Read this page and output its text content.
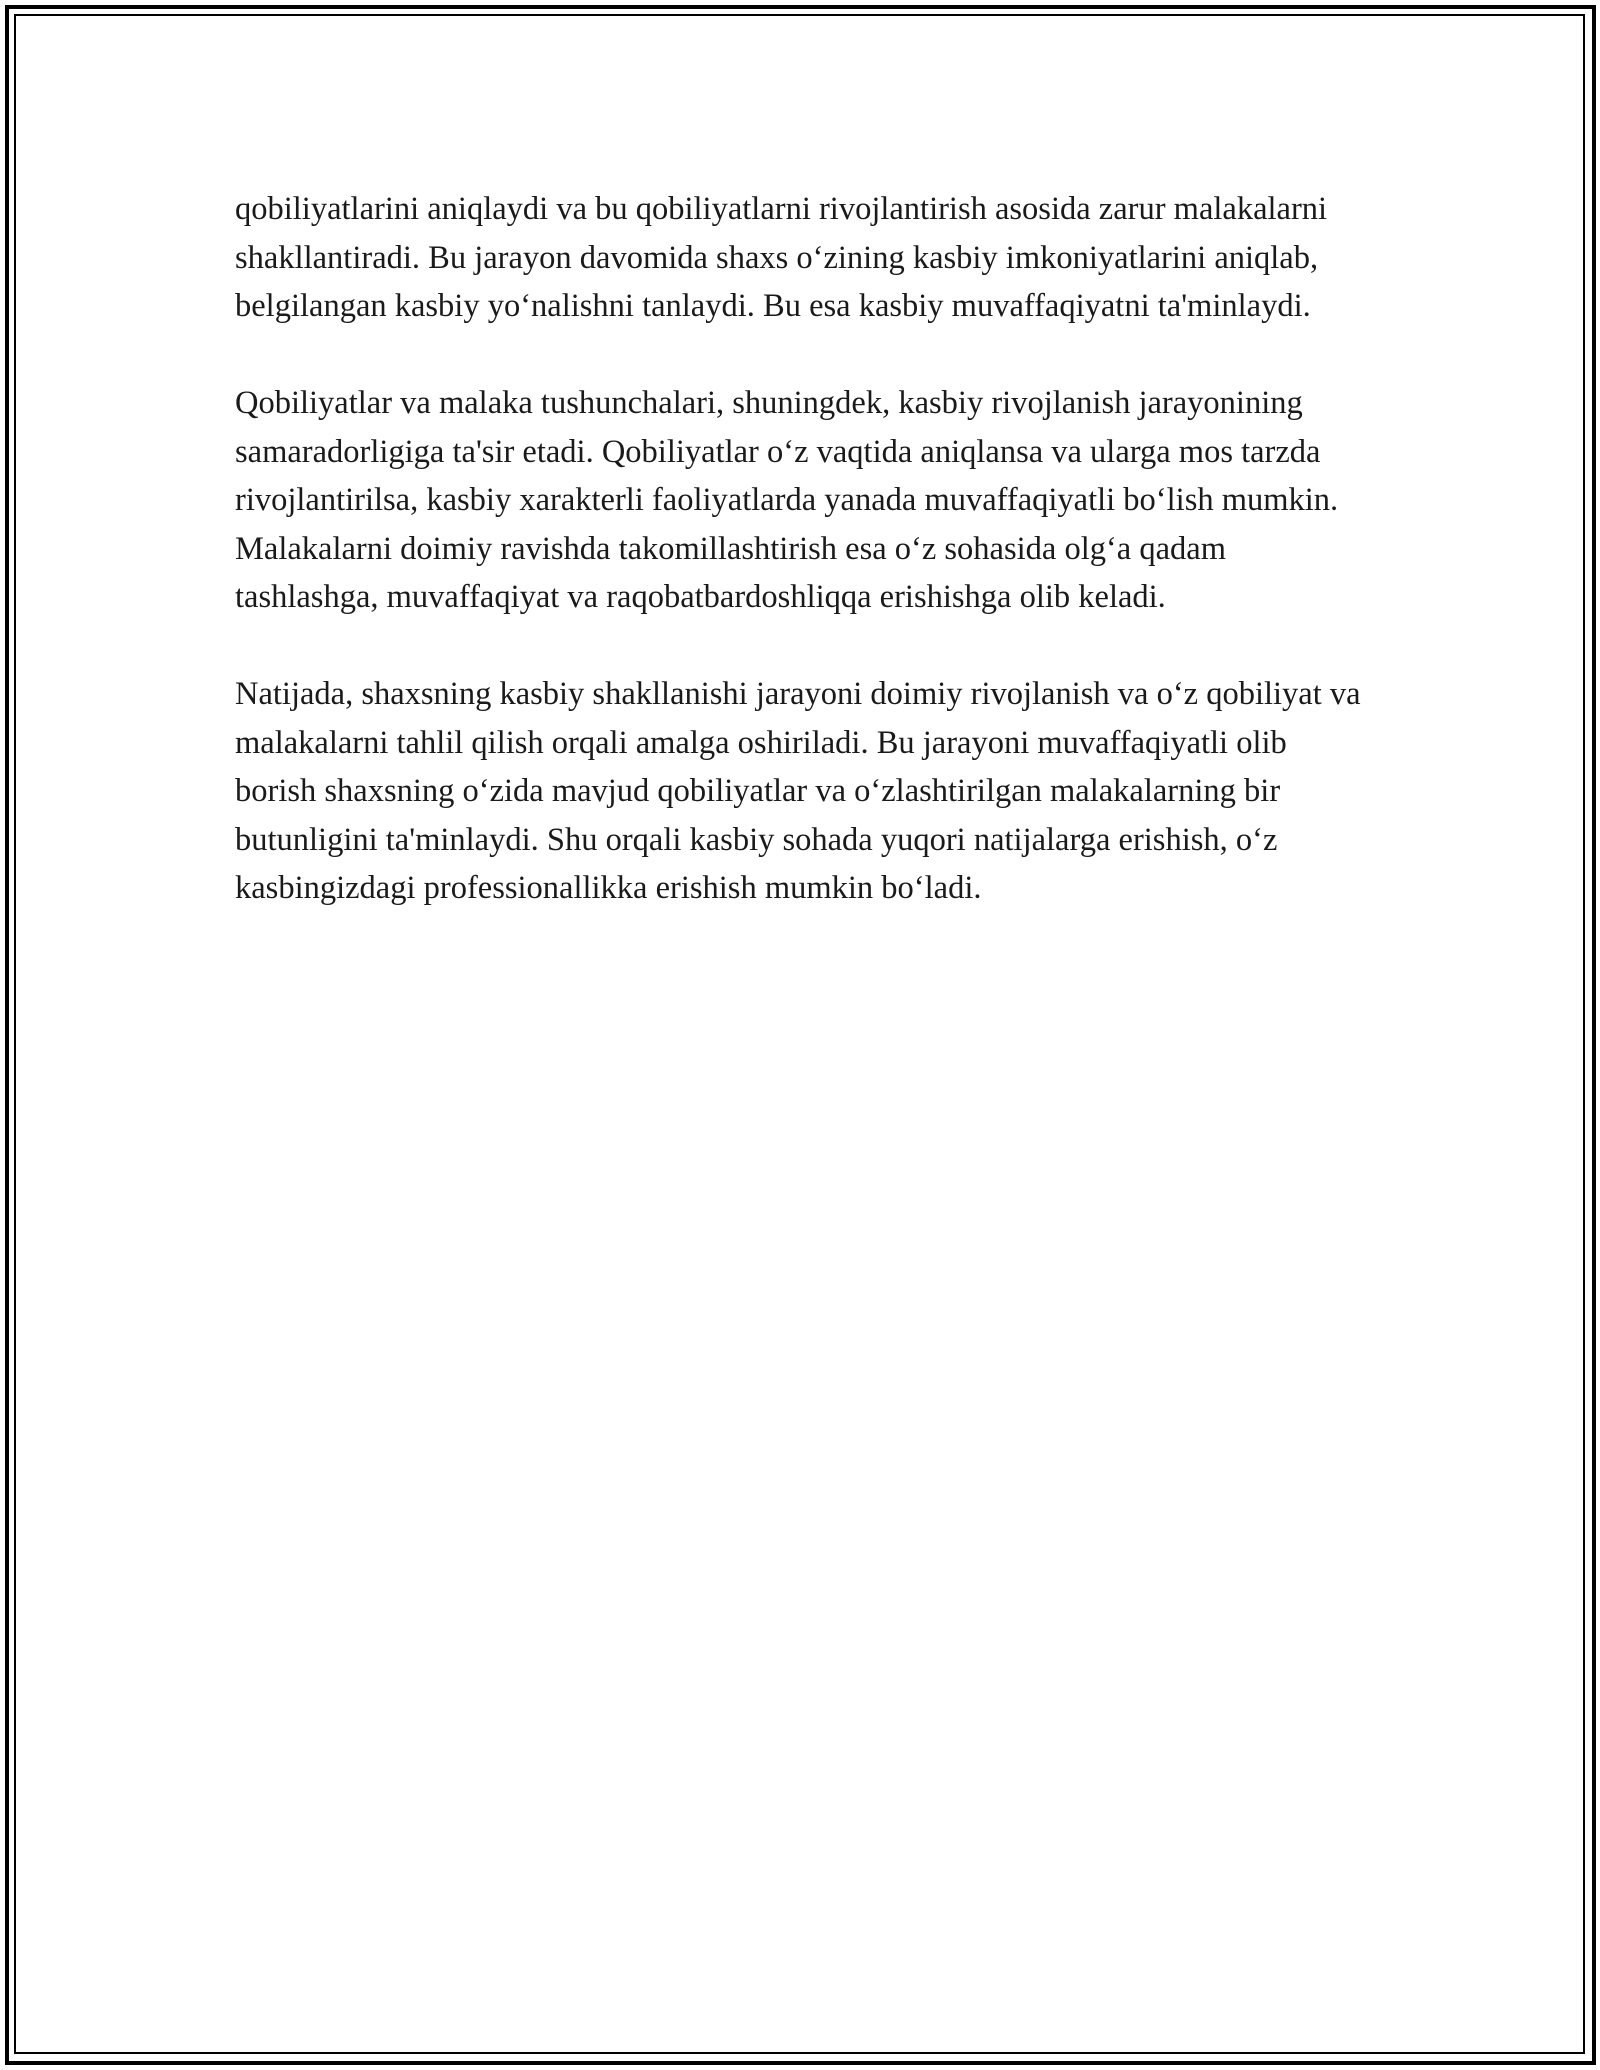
qobiliyatlarini aniqlaydi va bu qobiliyatlarni rivojlantirish asosida zarur malakalarni shakllantiradi. Bu jarayon davomida shaxs o‘zining kasbiy imkoniyatlarini aniqlab, belgilangan kasbiy yo‘nalishni tanlaydi. Bu esa kasbiy muvaffaqiyatni ta'minlaydi.

Qobiliyatlar va malaka tushunchalari, shuningdek, kasbiy rivojlanish jarayonining samaradorligiga ta'sir etadi. Qobiliyatlar o‘z vaqtida aniqlansa va ularga mos tarzda rivojlantirilsa, kasbiy xarakterli faoliyatlarda yanada muvaffaqiyatli bo‘lish mumkin. Malakalarni doimiy ravishda takomillashtirish esa o‘z sohasida olg‘a qadam tashlashga, muvaffaqiyat va raqobatbardoshliqqa erishishga olib keladi.

Natijada, shaxsning kasbiy shakllanishi jarayoni doimiy rivojlanish va o‘z qobiliyat va malakalarni tahlil qilish orqali amalga oshiriladi. Bu jarayoni muvaffaqiyatli olib borish shaxsning o‘zida mavjud qobiliyatlar va o‘zlashtirilgan malakalarning bir butunligini ta'minlaydi. Shu orqali kasbiy sohada yuqori natijalarga erishish, o‘z kasbingizdagi professionallikka erishish mumkin bo‘ladi.
